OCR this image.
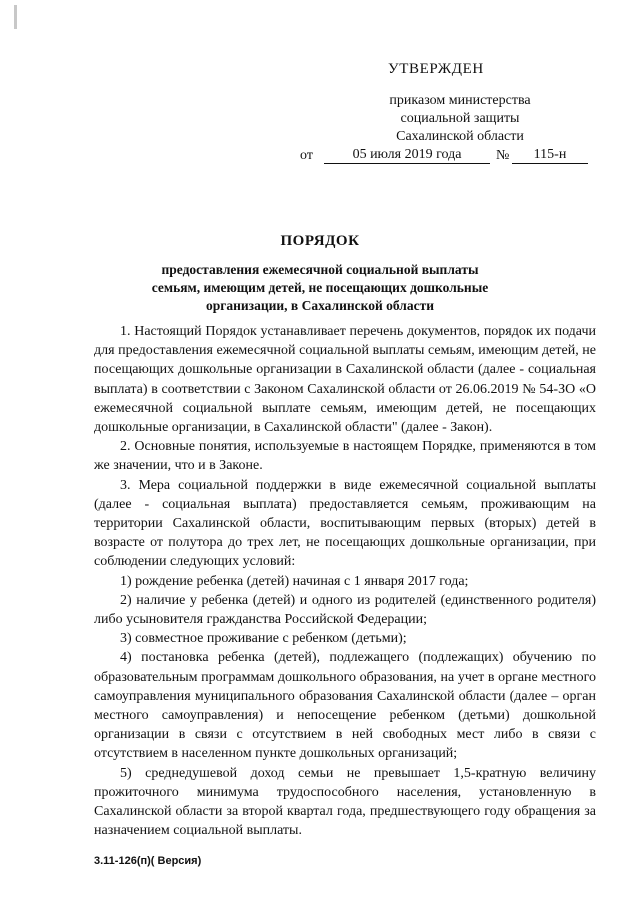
УТВЕРЖДЕН
приказом министерства
социальной защиты
Сахалинской области
от	05 июля 2019 года	№	115-н
ПОРЯДОК
предоставления ежемесячной социальной выплаты
семьям, имеющим детей, не посещающих дошкольные
организации, в Сахалинской области

1. Настоящий Порядок устанавливает перечень документов, порядок их подачи для предоставления ежемесячной социальной выплаты семьям, имеющим детей, не посещающих дошкольные организации в Сахалинской области (далее - социальная выплата) в соответствии с Законом Сахалинской области от 26.06.2019 № 54-ЗО «О ежемесячной социальной выплате семьям, имеющим детей, не посещающих дошкольные организации, в Сахалинской области" (далее - Закон).

2. Основные понятия, используемые в настоящем Порядке, применяются в том же значении, что и в Законе.

3. Мера социальной поддержки в виде ежемесячной социальной выплаты (далее - социальная выплата) предоставляется семьям, проживающим на территории Сахалинской области, воспитывающим первых (вторых) детей в возрасте от полутора до трех лет, не посещающих дошкольные организации, при соблюдении следующих условий:

1) рождение ребенка (детей) начиная с 1 января 2017 года;

2) наличие у ребенка (детей) и одного из родителей (единственного родителя) либо усыновителя гражданства Российской Федерации;

3) совместное проживание с ребенком (детьми);

4) постановка ребенка (детей), подлежащего (подлежащих) обучению по образовательным программам дошкольного образования, на учет в органе местного самоуправления муниципального образования Сахалинской области (далее – орган местного самоуправления) и непосещение ребенком (детьми) дошкольной организации в связи с отсутствием в ней свободных мест либо в связи с отсутствием в населенном пункте дошкольных организаций;

5) среднедушевой доход семьи не превышает 1,5-кратную величину прожиточного минимума трудоспособного населения, установленную в Сахалинской области за второй квартал года, предшествующего году обращения за назначением социальной выплаты.

3.11-126(п)( Версия)
